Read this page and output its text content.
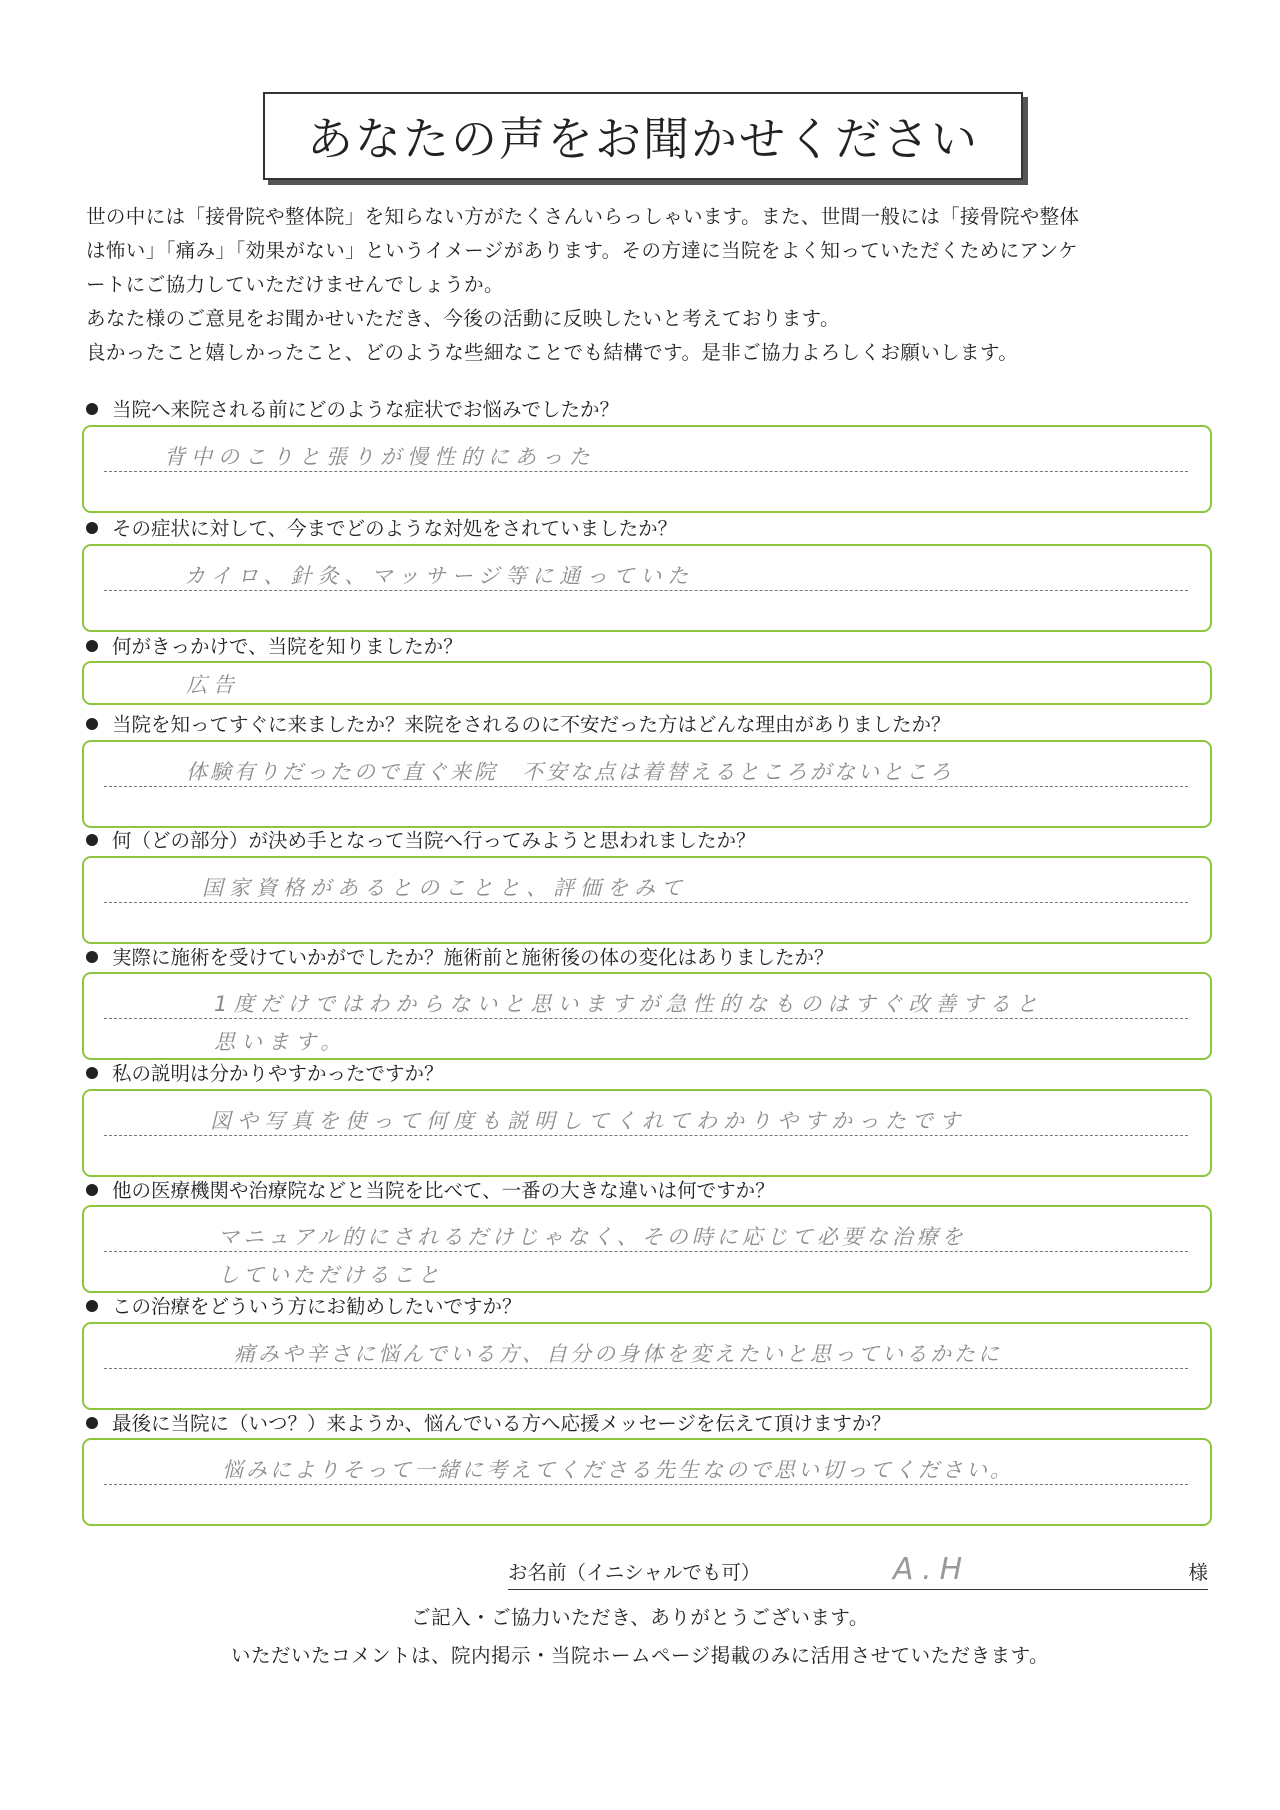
あなたの声をお聞かせください

世の中には「接骨院や整体院」を知らない方がたくさんいらっしゃいます。また、世間一般には「接骨院や整体

は怖い」「痛み」「効果がない」というイメージがあります。その方達に当院をよく知っていただくためにアンケ

ートにご協力していただけませんでしょうか。

あなた様のご意見をお聞かせいただき、今後の活動に反映したいと考えております。

良かったこと嬉しかったこと、どのような些細なことでも結構です。是非ご協力よろしくお願いします。

当院へ来院される前にどのような症状でお悩みでしたか？
背中のこりと張りが慢性的にあった
その症状に対して、今までどのような対処をされていましたか？
カイロ、針灸、マッサージ等に通っていた
何がきっかけで、当院を知りましたか？
広告
当院を知ってすぐに来ましたか？来院をされるのに不安だった方はどんな理由がありましたか？
体験有りだったので直ぐ来院　不安な点は着替えるところがないところ
何（どの部分）が決め手となって当院へ行ってみようと思われましたか？
国家資格があるとのことと、評価をみて
実際に施術を受けていかがでしたか？施術前と施術後の体の変化はありましたか？
1度だけではわからないと思いますが急性的なものはすぐ改善すると
思います。
私の説明は分かりやすかったですか？
図や写真を使って何度も説明してくれてわかりやすかったです
他の医療機関や治療院などと当院を比べて、一番の大きな違いは何ですか？
マニュアル的にされるだけじゃなく、その時に応じて必要な治療を
していただけること
この治療をどういう方にお勧めしたいですか？
痛みや辛さに悩んでいる方、自分の身体を変えたいと思っているかたに
最後に当院に（いつ？）来ようか、悩んでいる方へ応援メッセージを伝えて頂けますか？
悩みによりそって一緒に考えてくださる先生なので思い切ってください。
お名前（イニシャルでも可）	A.H	様
ご記入・ご協力いただき、ありがとうございます。
いただいたコメントは、院内掲示・当院ホームページ掲載のみに活用させていただきます。
